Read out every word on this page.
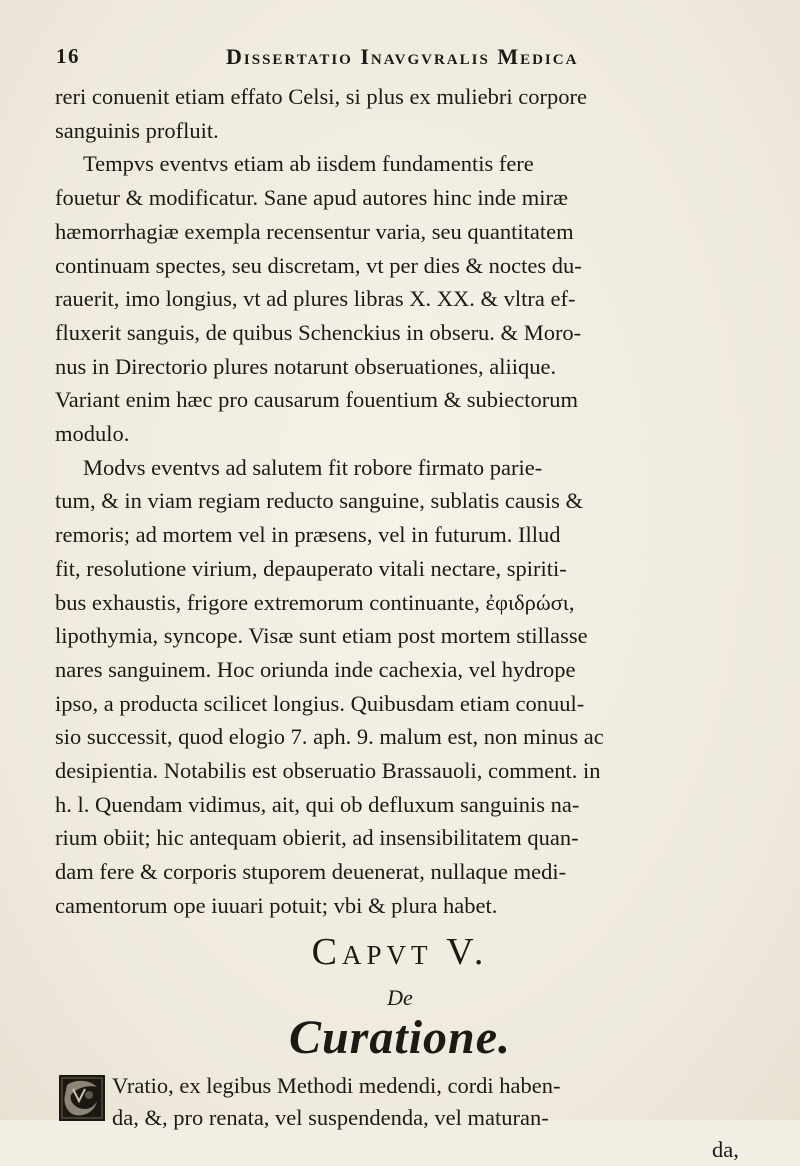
16	Dissertatio Inavgvralis Medica
reri conuenit etiam effato Celsi, si plus ex muliebri corpore
sanguinis profluit.
Tempvs eventvs etiam ab iisdem fundamentis fere
fouetur & modificatur. Sane apud autores hinc inde miræ
hæmorrhagiæ exempla recensentur varia, seu quantitatem
continuam spectes, seu discretam, vt per dies & noctes du-
rauerit, imo longius, vt ad plures libras X. XX. & vltra ef-
fluxerit sanguis, de quibus Schenckius in obseru. & Moro-
nus in Directorio plures notarunt obseruationes, aliique.
Variant enim hæc pro causarum fouentium & subiectorum
modulo.
Modvs eventvs ad salutem fit robore firmato parie-
tum, & in viam regiam reducto sanguine, sublatis causis &
remoris; ad mortem vel in præsens, vel in futurum. Illud
fit, resolutione virium, depauperato vitali nectare, spiriti-
bus exhaustis, frigore extremorum continuante, ἐφιδρώσι,
lipothymia, syncope. Visæ sunt etiam post mortem stillasse
nares sanguinem. Hoc oriunda inde cachexia, vel hydrope
ipso, a producta scilicet longius. Quibusdam etiam conuul-
sio successit, quod elogio 7. aph. 9. malum est, non minus ac
desipientia. Notabilis est obseruatio Brassauoli, comment. in
h. l. Quendam vidimus, ait, qui ob defluxum sanguinis na-
rium obiit; hic antequam obierit, ad insensibilitatem quan-
dam fere & corporis stuporem deuenerat, nullaque medi-
camentorum ope iuuari potuit; vbi & plura habet.
Capvt V.
De
Curatione.
Vratio, ex legibus Methodi medendi, cordi haben-
da, &, pro renata, vel suspendenda, vel maturan-
da,
